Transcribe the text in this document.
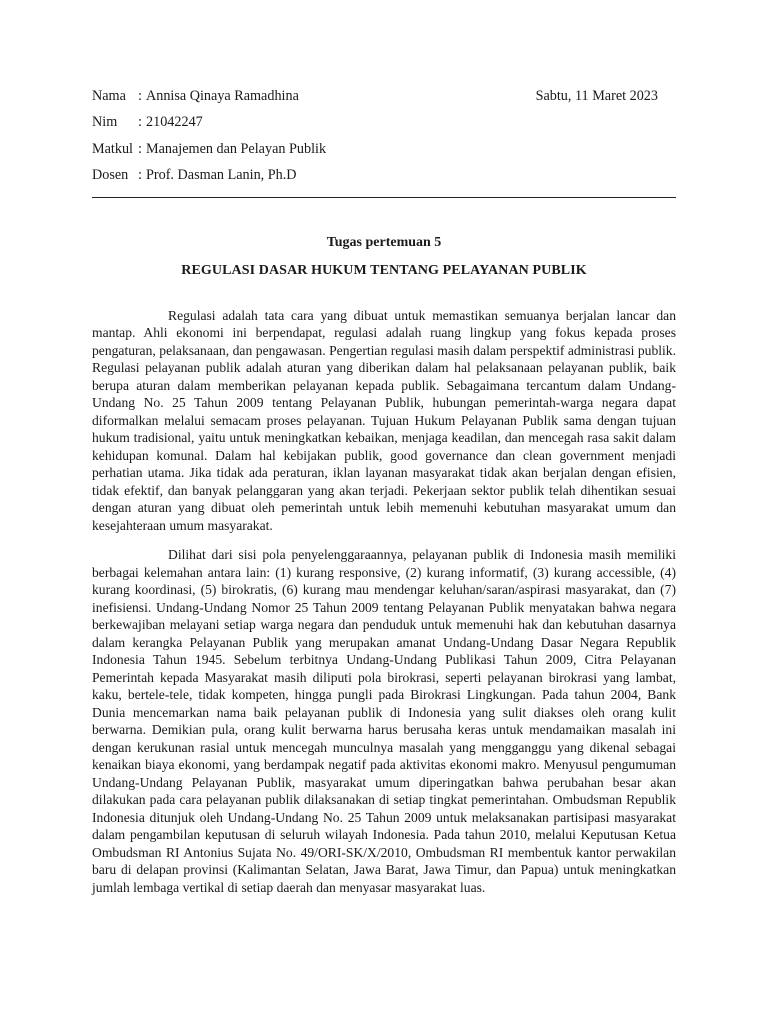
Nama : Annisa Qinaya Ramadhina	Sabtu, 11 Maret 2023
Nim	: 21042247
Matkul : Manajemen dan Pelayan Publik
Dosen : Prof. Dasman Lanin, Ph.D
Tugas pertemuan 5
REGULASI DASAR HUKUM TENTANG PELAYANAN PUBLIK

Regulasi adalah tata cara yang dibuat untuk memastikan semuanya berjalan lancar dan mantap. Ahli ekonomi ini berpendapat, regulasi adalah ruang lingkup yang fokus kepada proses pengaturan, pelaksanaan, dan pengawasan. Pengertian regulasi masih dalam perspektif administrasi publik. Regulasi pelayanan publik adalah aturan yang diberikan dalam hal pelaksanaan pelayanan publik, baik berupa aturan dalam memberikan pelayanan kepada publik. Sebagaimana tercantum dalam Undang-Undang No. 25 Tahun 2009 tentang Pelayanan Publik, hubungan pemerintah-warga negara dapat diformalkan melalui semacam proses pelayanan. Tujuan Hukum Pelayanan Publik sama dengan tujuan hukum tradisional, yaitu untuk meningkatkan kebaikan, menjaga keadilan, dan mencegah rasa sakit dalam kehidupan komunal. Dalam hal kebijakan publik, good governance dan clean government menjadi perhatian utama. Jika tidak ada peraturan, iklan layanan masyarakat tidak akan berjalan dengan efisien, tidak efektif, dan banyak pelanggaran yang akan terjadi. Pekerjaan sektor publik telah dihentikan sesuai dengan aturan yang dibuat oleh pemerintah untuk lebih memenuhi kebutuhan masyarakat umum dan kesejahteraan umum masyarakat.

Dilihat dari sisi pola penyelenggaraannya, pelayanan publik di Indonesia masih memiliki berbagai kelemahan antara lain: (1) kurang responsive, (2) kurang informatif, (3) kurang accessible, (4) kurang koordinasi, (5) birokratis, (6) kurang mau mendengar keluhan/saran/aspirasi masyarakat, dan (7) inefisiensi. Undang-Undang Nomor 25 Tahun 2009 tentang Pelayanan Publik menyatakan bahwa negara berkewajiban melayani setiap warga negara dan penduduk untuk memenuhi hak dan kebutuhan dasarnya dalam kerangka Pelayanan Publik yang merupakan amanat Undang-Undang Dasar Negara Republik Indonesia Tahun 1945. Sebelum terbitnya Undang-Undang Publikasi Tahun 2009, Citra Pelayanan Pemerintah kepada Masyarakat masih diliputi pola birokrasi, seperti pelayanan birokrasi yang lambat, kaku, bertele-tele, tidak kompeten, hingga pungli pada Birokrasi Lingkungan. Pada tahun 2004, Bank Dunia mencemarkan nama baik pelayanan publik di Indonesia yang sulit diakses oleh orang kulit berwarna. Demikian pula, orang kulit berwarna harus berusaha keras untuk mendamaikan masalah ini dengan kerukunan rasial untuk mencegah munculnya masalah yang mengganggu yang dikenal sebagai kenaikan biaya ekonomi, yang berdampak negatif pada aktivitas ekonomi makro. Menyusul pengumuman Undang-Undang Pelayanan Publik, masyarakat umum diperingatkan bahwa perubahan besar akan dilakukan pada cara pelayanan publik dilaksanakan di setiap tingkat pemerintahan. Ombudsman Republik Indonesia ditunjuk oleh Undang-Undang No. 25 Tahun 2009 untuk melaksanakan partisipasi masyarakat dalam pengambilan keputusan di seluruh wilayah Indonesia. Pada tahun 2010, melalui Keputusan Ketua Ombudsman RI Antonius Sujata No. 49/ORI-SK/X/2010, Ombudsman RI membentuk kantor perwakilan baru di delapan provinsi (Kalimantan Selatan, Jawa Barat, Jawa Timur, dan Papua) untuk meningkatkan jumlah lembaga vertikal di setiap daerah dan menyasar masyarakat luas.
